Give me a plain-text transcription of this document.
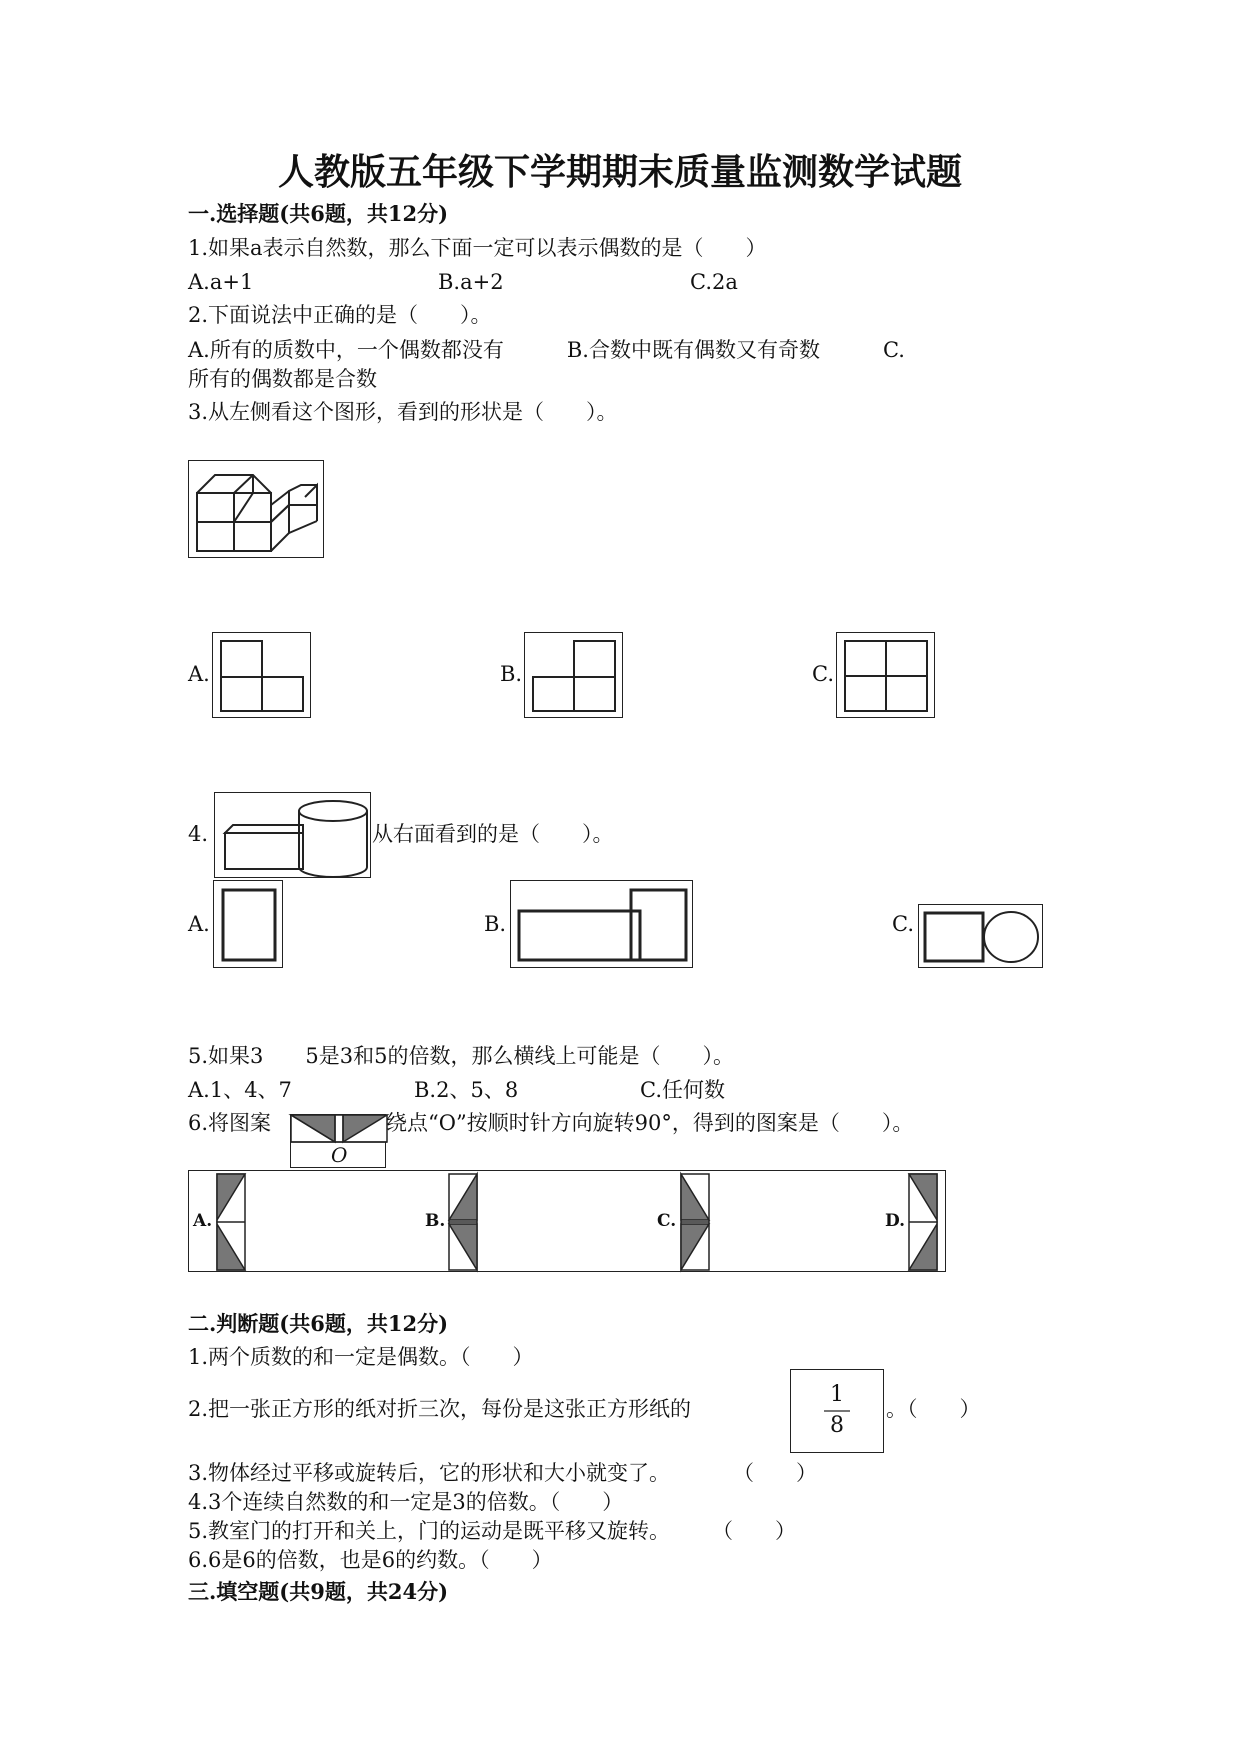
人教版五年级下学期期末质量监测数学试题
一.选择题(共6题，共12分)
1.如果a表示自然数，那么下面一定可以表示偶数的是（　　）
A.a+1	B.a+2	C.2a
2.下面说法中正确的是（　　）。
A.所有的质数中，一个偶数都没有　　　B.合数中既有偶数又有奇数　　　C.
所有的偶数都是合数
3.从左侧看这个图形，看到的形状是（　　）。
A.	B.	C.
4.	从右面看到的是（　　）。
A.	B.	C.
5.如果3　　5是3和5的倍数，那么横线上可能是（　　）。
A.1、4、7	B.2、5、8	C.任何数
6.将图案
O
绕点“O”按顺时针方向旋转90°，得到的图案是（　　）。
A.	B.	C.	D.
二.判断题(共6题，共12分)
1.两个质数的和一定是偶数。（　　）
2.把一张正方形的纸对折三次，每份是这张正方形纸的
1
8
。（　　）
3.物体经过平移或旋转后，它的形状和大小就变了。　　　　（　　）
4.3个连续自然数的和一定是3的倍数。（　　）
5.教室门的打开和关上，门的运动是既平移又旋转。　　　（　　）
6.6是6的倍数，也是6的约数。（　　）
三.填空题(共9题，共24分)
